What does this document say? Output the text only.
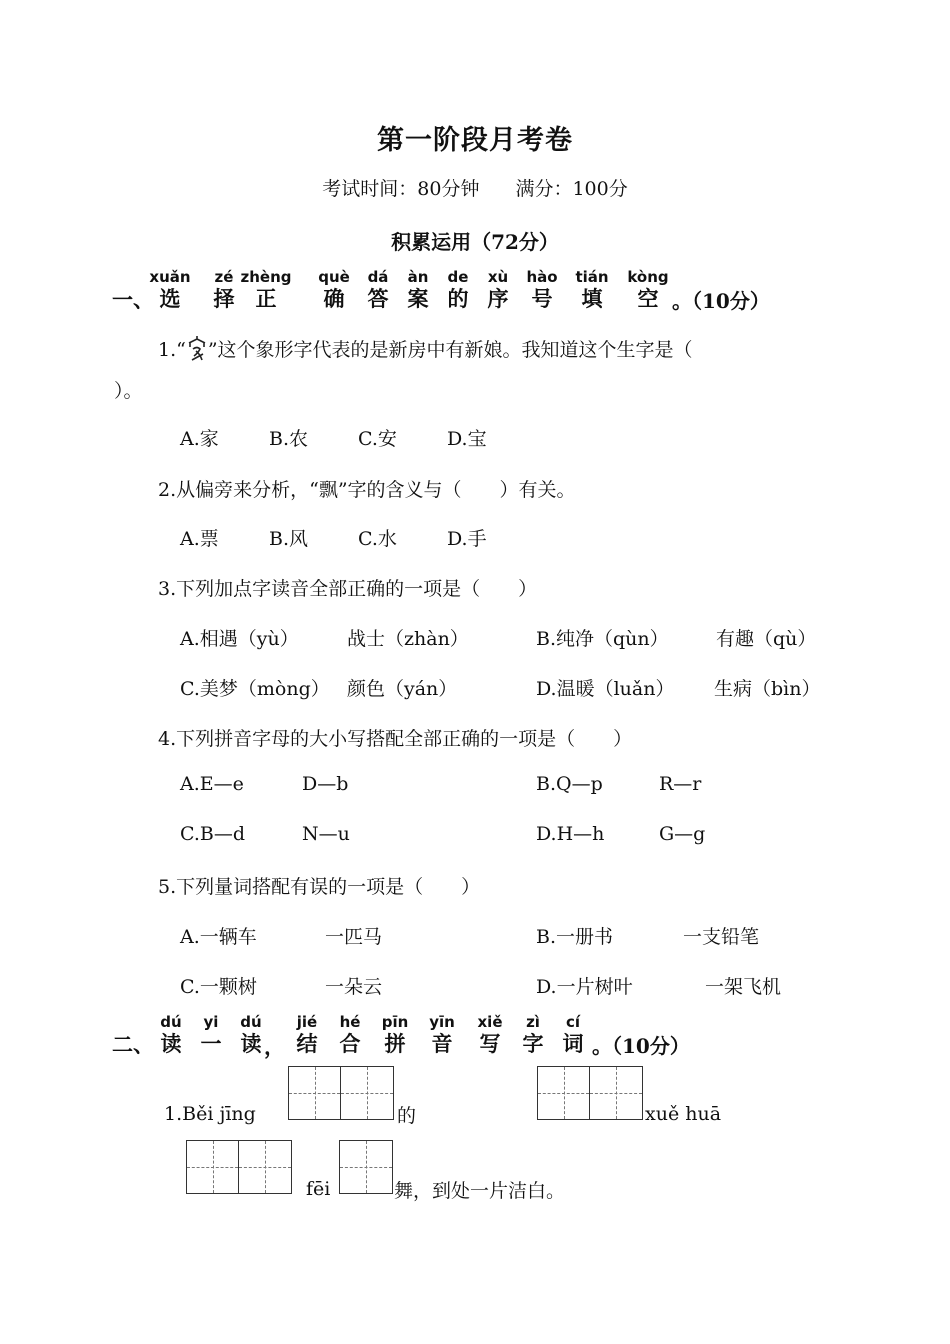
第一阶段月考卷
考试时间：80分钟 满分：100分
积累运用（72分）
一、
xuǎn
选
zé
择
zhèng
正
què
确
dá
答
àn
案
de
的
xù
序
hào
号
tián
填
kòng
空 。（10分）
1.“ ”这个象形字代表的是新房中有新娘。我知道这个生字是（
）。
A.家	B.农	C.安	D.宝
2.从偏旁来分析，“飘”字的含义与（　　）有关。
A.票	B.风	C.水	D.手
3.下列加点字读音全部正确的一项是（　　）
A.相遇（yù）	战士（zhàn）	B.纯净（qùn） 有趣（qù）
C.美梦（mòng） 颜色（yán）	D.温暖（luǎn） 生病（bìn）
4.下列拼音字母的大小写搭配全部正确的一项是（　　）
A.E—e	D—b	B.Q—p	R—r
C.B—d	N—u	D.H—h	G—g
5.下列量词搭配有误的一项是（　　）
A.一辆车	一匹马	B.一册书	一支铅笔
C.一颗树	一朵云	D.一片树叶	一架飞机
二、
dú
读
yi
一
dú
读 ，
jié
结
hé
合
pīn
拼
yīn
音
xiě
写
zì
字
cí
词 。（10分）
1.Běi jīng	的	xuě huā
fēi	舞，到处一片洁白。
